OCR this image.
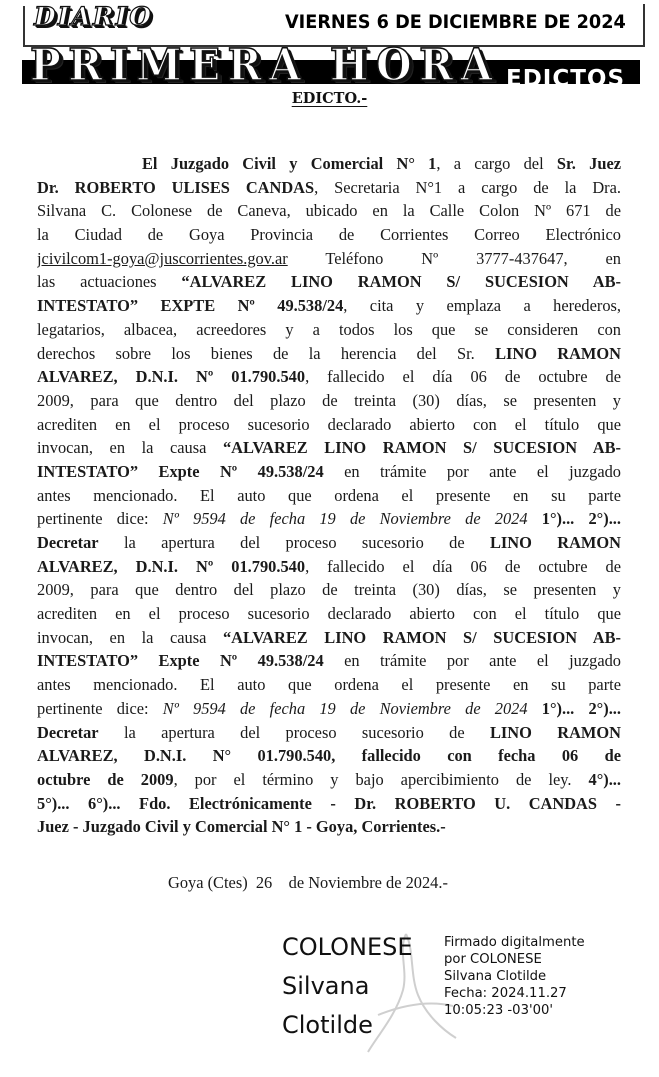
DIARIO
PRIMERA HORA
VIERNES 6 DE DICIEMBRE DE 2024
EDICTOS
EDICTO.-
El Juzgado Civil y Comercial N° 1, a cargo del Sr. Juez
Dr. ROBERTO ULISES CANDAS, Secretaria N°1 a cargo de la Dra.
Silvana C. Colonese de Caneva, ubicado en la Calle Colon Nº 671 de
la Ciudad de Goya Provincia de Corrientes Correo Electrónico
jcivilcom1-goya@juscorrientes.gov.ar Teléfono Nº 3777-437647, en
las actuaciones “ALVAREZ LINO RAMON S/ SUCESION AB-
INTESTATO” EXPTE Nº 49.538/24, cita y emplaza a herederos,
legatarios, albacea, acreedores y a todos los que se consideren con
derechos sobre los bienes de la herencia del Sr. LINO RAMON
ALVAREZ, D.N.I. Nº 01.790.540, fallecido el día 06 de octubre de
2009, para que dentro del plazo de treinta (30) días, se presenten y
acrediten en el proceso sucesorio declarado abierto con el título que
invocan, en la causa “ALVAREZ LINO RAMON S/ SUCESION AB-
INTESTATO” Expte Nº 49.538/24 en trámite por ante el juzgado
antes mencionado. El auto que ordena el presente en su parte
pertinente dice: Nº 9594 de fecha 19 de Noviembre de 2024 1°)... 2°)...
Decretar la apertura del proceso sucesorio de LINO RAMON
ALVAREZ, D.N.I. Nº 01.790.540, fallecido el día 06 de octubre de
2009, para que dentro del plazo de treinta (30) días, se presenten y
acrediten en el proceso sucesorio declarado abierto con el título que
invocan, en la causa “ALVAREZ LINO RAMON S/ SUCESION AB-
INTESTATO” Expte Nº 49.538/24 en trámite por ante el juzgado
antes mencionado. El auto que ordena el presente en su parte
pertinente dice: Nº 9594 de fecha 19 de Noviembre de 2024 1°)... 2°)...
Decretar la apertura del proceso sucesorio de LINO RAMON
ALVAREZ, D.N.I. N° 01.790.540, fallecido con fecha 06 de
octubre de 2009, por el término y bajo apercibimiento de ley. 4°)...
5°)... 6°)... Fdo. Electrónicamente - Dr. ROBERTO U. CANDAS -
Juez - Juzgado Civil y Comercial N° 1 - Goya, Corrientes.-
Goya (Ctes)  26    de Noviembre de 2024.-
COLONESE
Silvana
Clotilde
Firmado digitalmente
por COLONESE
Silvana Clotilde
Fecha: 2024.11.27
10:05:23 -03'00'
